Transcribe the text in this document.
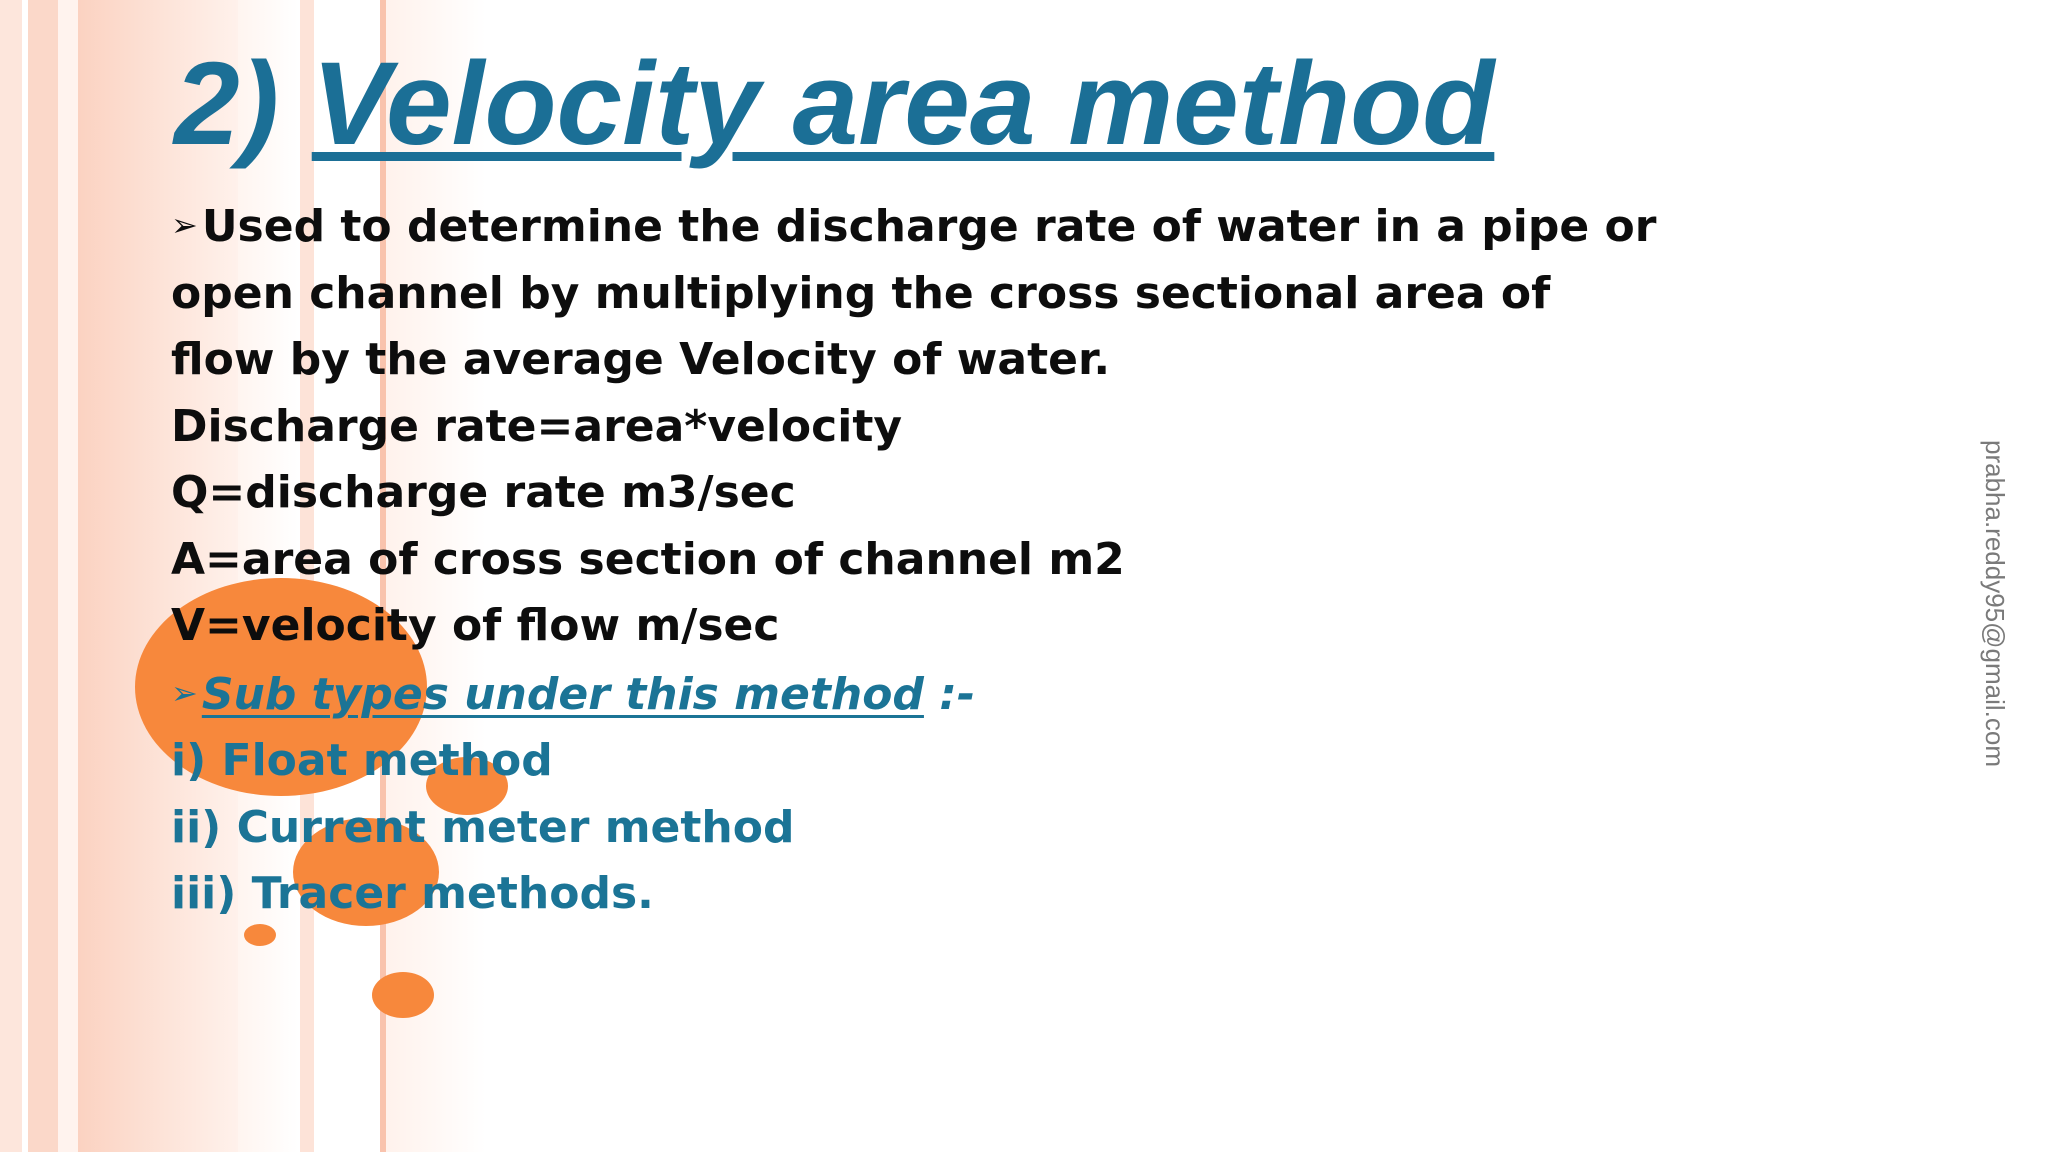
2) Velocity area method
➢Used to determine the discharge rate of water in a pipe or
open channel by multiplying the cross sectional area of
flow by the average Velocity of water.
Discharge rate=area*velocity
Q=discharge rate m3/sec
A=area of cross section of channel m2
V=velocity of flow m/sec
➢Sub types under this method :-
i) Float method
ii) Current meter method
iii) Tracer methods.
prabha.reddy95@gmail.com
